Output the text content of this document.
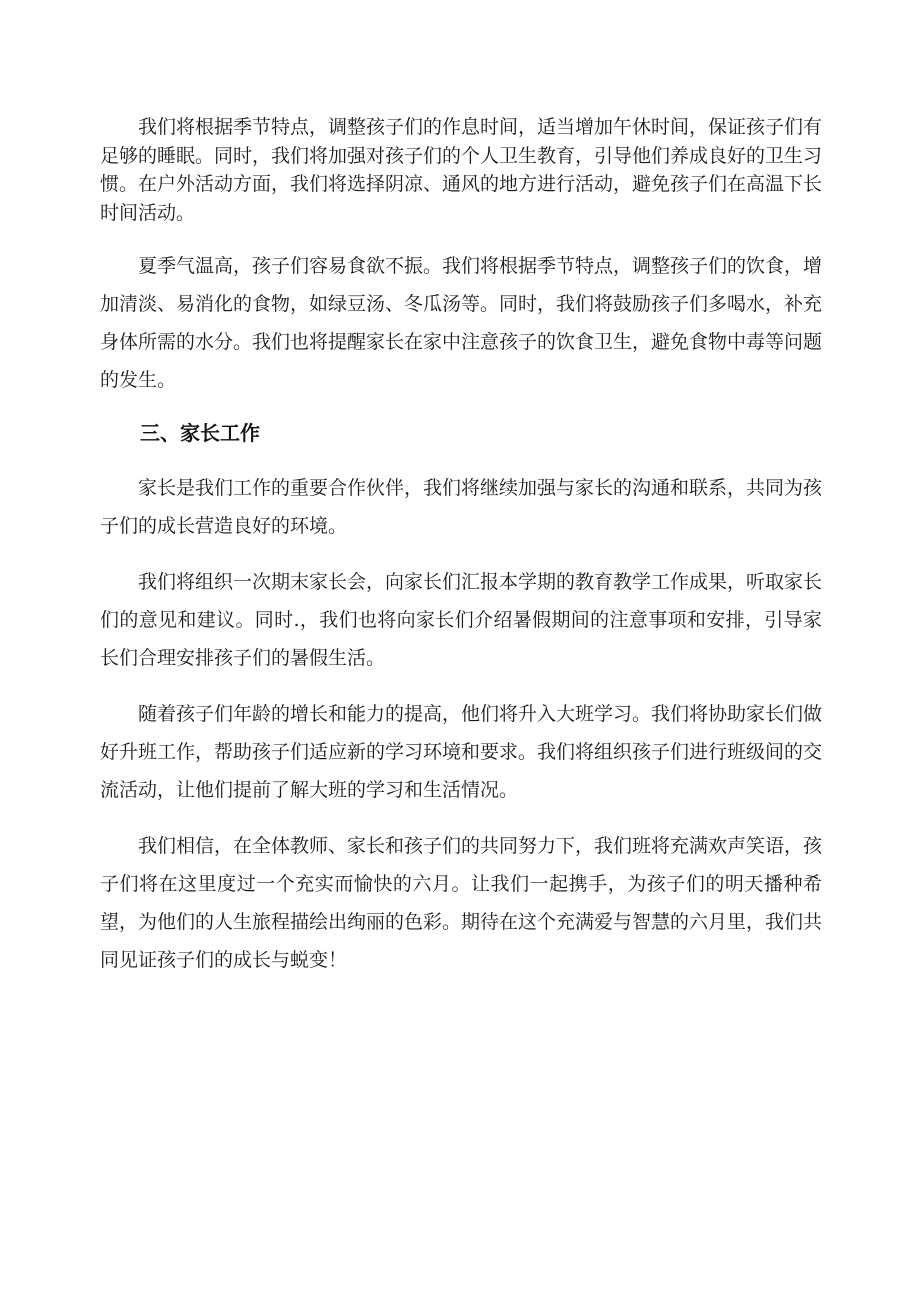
我们将根据季节特点，调整孩子们的作息时间，适当增加午休时间，保证孩子们有足够的睡眠。同时，我们将加强对孩子们的个人卫生教育，引导他们养成良好的卫生习惯。在户外活动方面，我们将选择阴凉、通风的地方进行活动，避免孩子们在高温下长时间活动。

夏季气温高，孩子们容易食欲不振。我们将根据季节特点，调整孩子们的饮食，增加清淡、易消化的食物，如绿豆汤、冬瓜汤等。同时，我们将鼓励孩子们多喝水，补充身体所需的水分。我们也将提醒家长在家中注意孩子的饮食卫生，避免食物中毒等问题的发生。

三、家长工作

家长是我们工作的重要合作伙伴，我们将继续加强与家长的沟通和联系，共同为孩子们的成长营造良好的环境。

我们将组织一次期末家长会，向家长们汇报本学期的教育教学工作成果，听取家长们的意见和建议。同时.，我们也将向家长们介绍暑假期间的注意事项和安排，引导家长们合理安排孩子们的暑假生活。

随着孩子们年龄的增长和能力的提高，他们将升入大班学习。我们将协助家长们做好升班工作，帮助孩子们适应新的学习环境和要求。我们将组织孩子们进行班级间的交流活动，让他们提前了解大班的学习和生活情况。

我们相信，在全体教师、家长和孩子们的共同努力下，我们班将充满欢声笑语，孩子们将在这里度过一个充实而愉快的六月。让我们一起携手，为孩子们的明天播种希望，为他们的人生旅程描绘出绚丽的色彩。期待在这个充满爱与智慧的六月里，我们共同见证孩子们的成长与蜕变！
